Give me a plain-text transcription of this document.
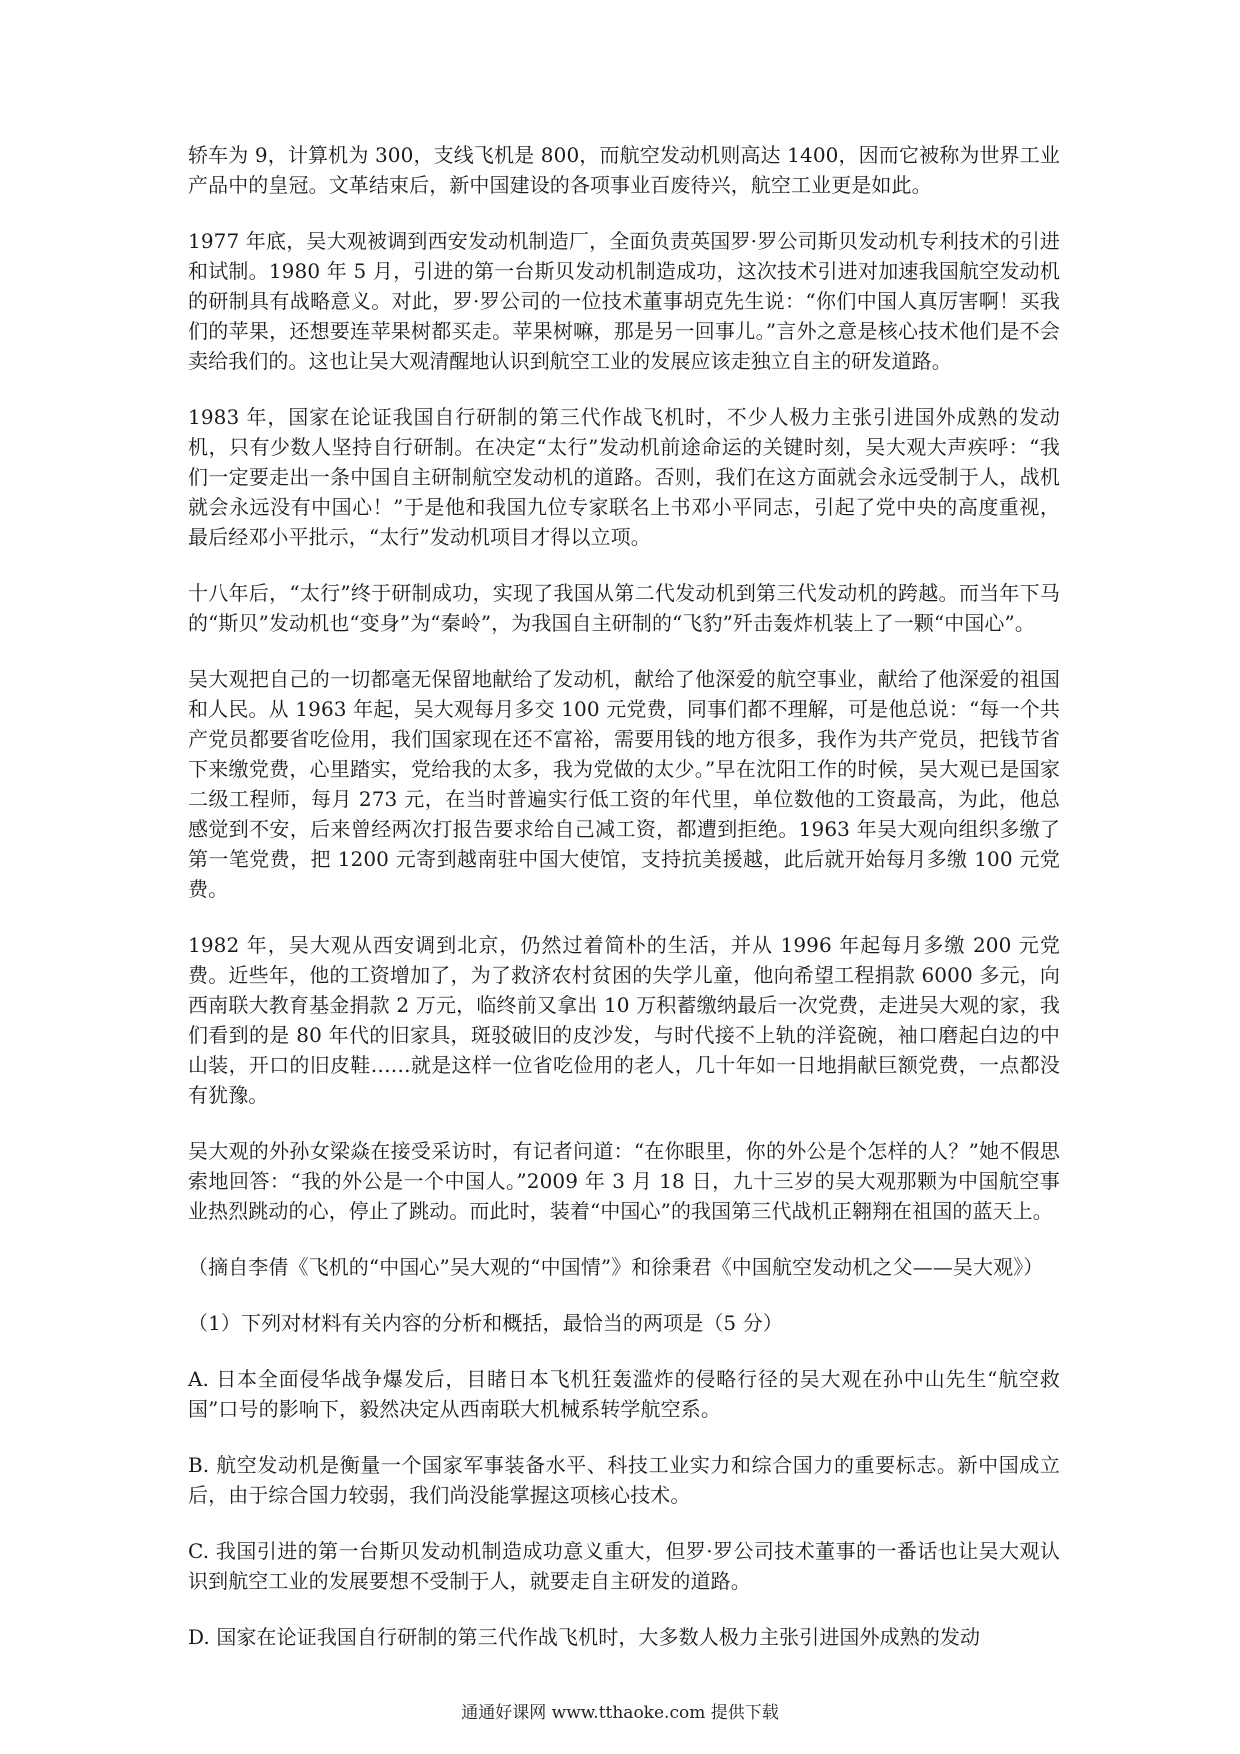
轿车为 9，计算机为 300，支线飞机是 800，而航空发动机则高达 1400，因而它被称为世界工业产品中的皇冠。文革结束后，新中国建设的各项事业百废待兴，航空工业更是如此。

1977 年底，吴大观被调到西安发动机制造厂，全面负责英国罗·罗公司斯贝发动机专利技术的引进和试制。1980 年 5 月，引进的第一台斯贝发动机制造成功，这次技术引进对加速我国航空发动机的研制具有战略意义。对此，罗·罗公司的一位技术董事胡克先生说：“你们中国人真厉害啊！买我们的苹果，还想要连苹果树都买走。苹果树嘛，那是另一回事儿。”言外之意是核心技术他们是不会卖给我们的。这也让吴大观清醒地认识到航空工业的发展应该走独立自主的研发道路。

1983 年，国家在论证我国自行研制的第三代作战飞机时，不少人极力主张引进国外成熟的发动机，只有少数人坚持自行研制。在决定“太行”发动机前途命运的关键时刻，吴大观大声疾呼：“我们一定要走出一条中国自主研制航空发动机的道路。否则，我们在这方面就会永远受制于人，战机就会永远没有中国心！”于是他和我国九位专家联名上书邓小平同志，引起了党中央的高度重视，最后经邓小平批示，“太行”发动机项目才得以立项。

十八年后，“太行”终于研制成功，实现了我国从第二代发动机到第三代发动机的跨越。而当年下马的“斯贝”发动机也“变身”为“秦岭”，为我国自主研制的“飞豹”歼击轰炸机装上了一颗“中国心”。

吴大观把自己的一切都毫无保留地献给了发动机，献给了他深爱的航空事业，献给了他深爱的祖国和人民。从 1963 年起，吴大观每月多交 100 元党费，同事们都不理解，可是他总说：“每一个共产党员都要省吃俭用，我们国家现在还不富裕，需要用钱的地方很多，我作为共产党员，把钱节省下来缴党费，心里踏实，党给我的太多，我为党做的太少。”早在沈阳工作的时候，吴大观已是国家二级工程师，每月 273 元，在当时普遍实行低工资的年代里，单位数他的工资最高，为此，他总感觉到不安，后来曾经两次打报告要求给自己减工资，都遭到拒绝。1963 年吴大观向组织多缴了第一笔党费，把 1200 元寄到越南驻中国大使馆，支持抗美援越，此后就开始每月多缴 100 元党费。

1982 年，吴大观从西安调到北京，仍然过着简朴的生活，并从 1996 年起每月多缴 200 元党费。近些年，他的工资增加了，为了救济农村贫困的失学儿童，他向希望工程捐款 6000 多元，向西南联大教育基金捐款 2 万元，临终前又拿出 10 万积蓄缴纳最后一次党费，走进吴大观的家，我们看到的是 80 年代的旧家具，斑驳破旧的皮沙发，与时代接不上轨的洋瓷碗，袖口磨起白边的中山装，开口的旧皮鞋……就是这样一位省吃俭用的老人，几十年如一日地捐献巨额党费，一点都没有犹豫。

吴大观的外孙女梁焱在接受采访时，有记者问道：“在你眼里，你的外公是个怎样的人？”她不假思索地回答：“我的外公是一个中国人。”2009 年 3 月 18 日，九十三岁的吴大观那颗为中国航空事业热烈跳动的心，停止了跳动。而此时，装着“中国心”的我国第三代战机正翱翔在祖国的蓝天上。

（摘自李倩《飞机的“中国心”吴大观的“中国情”》和徐秉君《中国航空发动机之父——吴大观》）

（1）下列对材料有关内容的分析和概括，最恰当的两项是（5 分）

A. 日本全面侵华战争爆发后，目睹日本飞机狂轰滥炸的侵略行径的吴大观在孙中山先生“航空救国”口号的影响下，毅然决定从西南联大机械系转学航空系。

B. 航空发动机是衡量一个国家军事装备水平、科技工业实力和综合国力的重要标志。新中国成立后，由于综合国力较弱，我们尚没能掌握这项核心技术。

C. 我国引进的第一台斯贝发动机制造成功意义重大，但罗·罗公司技术董事的一番话也让吴大观认识到航空工业的发展要想不受制于人，就要走自主研发的道路。

D. 国家在论证我国自行研制的第三代作战飞机时，大多数人极力主张引进国外成熟的发动

通通好课网 www.tthaoke.com 提供下载
